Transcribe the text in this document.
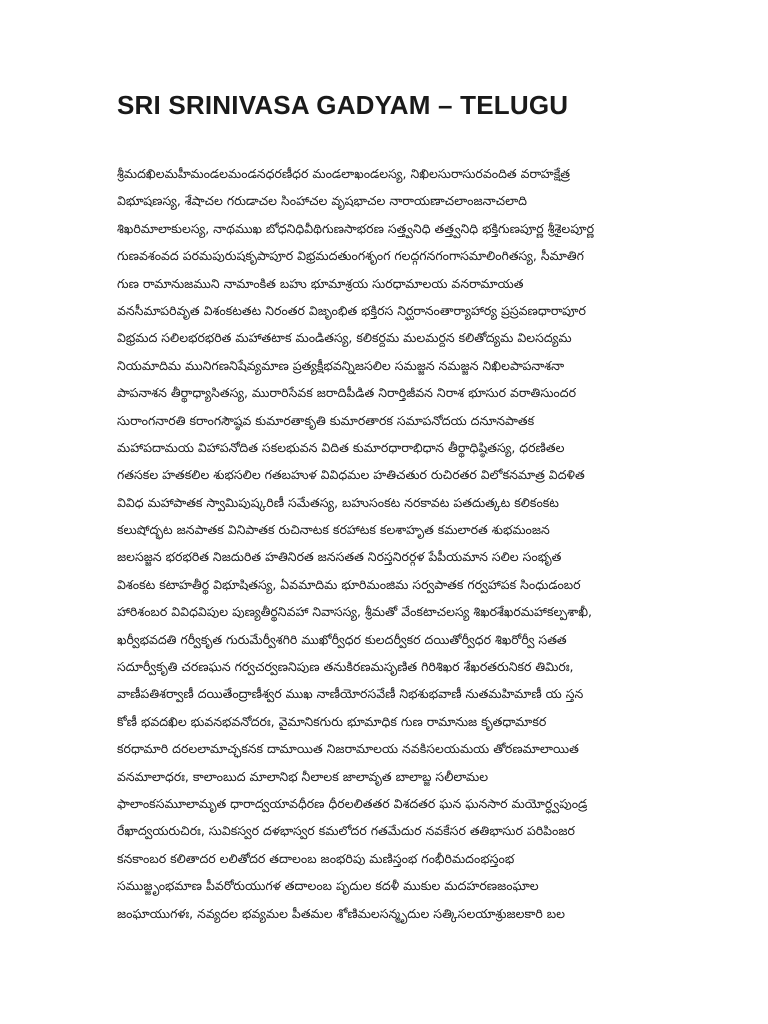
SRI SRINIVASA GADYAM – TELUGU
శ్రీమదఖిలమహీమండలమండనధరణీధర మండలాఖండలస్య, నిఖిలసురాసురవందిత వరాహక్షేత్ర
విభూషణస్య, శేషాచల గరుడాచల సింహాచల వృషభాచల నారాయణాచలాంజనాచలాది
శిఖరిమాలాకులస్య, నాథముఖ బోధనిధివీథిగుణసాభరణ సత్త్వనిధి తత్త్వనిధి భక్తిగుణపూర్ణ శ్రీశైలపూర్ణ
గుణవశంవద పరమపురుషకృపాపూర విభ్రమదతుంగశృంగ గలద్గగనగంగాసమాలింగితస్య, సీమాతిగ
గుణ రామానుజముని నామాంకిత బహు భూమాశ్రయ సురధామాలయ వనరామాయత
వనసీమాపరివృత విశంకటతట నిరంతర విజృంభిత భక్తిరస నిర్ఘరానంతార్యాహార్య ప్రస్రవణధారాపూర
విభ్రమద సలిలభరభరిత మహాతటాక మండితస్య, కలికర్దమ మలమర్దన కలితోద్యమ విలసద్యమ
నియమాదిమ మునిగణనిషేవ్యమాణ ప్రత్యక్షీభవన్నిజసలిల సమజ్జన నమజ్జన నిఖిలపాపనాశనా
పాపనాశన తీర్థాధ్యాసితస్య, మురారిసేవక జరాదిపీడిత నిరార్తిజీవన నిరాశ భూసుర వరాతిసుందర
సురాంగనారతి కరాంగసౌష్ఠవ కుమారతాకృతి కుమారతారక సమాపనోదయ దనూనపాతక
మహాపదామయ విహాపనోదిత సకలభువన విదిత కుమారధారాభిధాన తీర్థాధిష్ఠితస్య, ధరణితల
గతసకల హతకలిల శుభసలిల గతబహుళ వివిధమల హతిచతుర రుచిరతర విలోకనమాత్ర విదళిత
వివిధ మహాపాతక స్వామిపుష్కరిణీ సమేతస్య, బహుసంకట నరకావట పతదుత్కట కలికంకట
కలుషోద్భట జనపాతక వినిపాతక రుచినాటక కరహాటక కలశాహృత కమలారత శుభమంజన
జలసజ్జన భరభరిత నిజదురిత హతినిరత జనసతత నిరస్తనిరర్గళ పేపీయమాన సలిల సంభృత
విశంకట కటాహతీర్థ విభూషితస్య, ఏవమాదిమ భూరిమంజిమ సర్వపాతక గర్వహాపక సింధుడంబర
హారిశంబర వివిధవిపుల పుణ్యతీర్థనివహా నివాసస్య, శ్రీమతో వేంకటాచలస్య శిఖరశేఖరమహాకల్పశాఖీ,
ఖర్వీభవదతి గర్వీకృత గురుమేర్వీశగిరి ముఖోర్వీధర కులదర్వీకర దయితోర్వీధర శిఖరోర్వీ సతత
సదూర్వీకృతి చరణఘన గర్వచర్వణనిపుణ తనుకిరణమసృణిత గిరిశిఖర శేఖరతరునికర తిమిరః,
వాణీపతిశర్వాణీ దయితేంద్రాణీశ్వర ముఖ నాణీయోరసవేణీ నిభశుభవాణీ నుతమహిమాణీ య స్తన
కోణీ భవదఖిల భువనభవనోదరః, వైమానికగురు భూమాధిక గుణ రామానుజ కృతధామాకర
కరధామారి దరలలామాచ్ఛకనక దామాయిత నిజరామాలయ నవకిసలయమయ తోరణమాలాయిత
వనమాలాధరః, కాలాంబుద మాలానిభ నీలాలక జాలావృత బాలాబ్జ సలీలామల
ఫాలాంకసమూలామృత ధారాద్వయావధీరణ ధీరలలితతర విశదతర ఘన ఘనసార మయోర్ధ్వపుండ్ర
రేఖాద్వయరుచిరః, సువికస్వర దళభాస్వర కమలోదర గతమేదుర నవకేసర తతిభాసుర పరిపింజర
కనకాంబర కలితాదర లలితోదర తదాలంబ జంభరిపు మణిస్తంభ గంభీరిమదంభస్తంభ
సముజ్జృంభమాణ పీవరోరుయుగళ తదాలంబ పృదుల కదళీ ముకుల మదహరణజంఘాల
జంఘాయుగళః, నవ్యదల భవ్యమల పీతమల శోణిమలసన్మృదుల సత్కిసలయాశ్రుజలకారి బల
